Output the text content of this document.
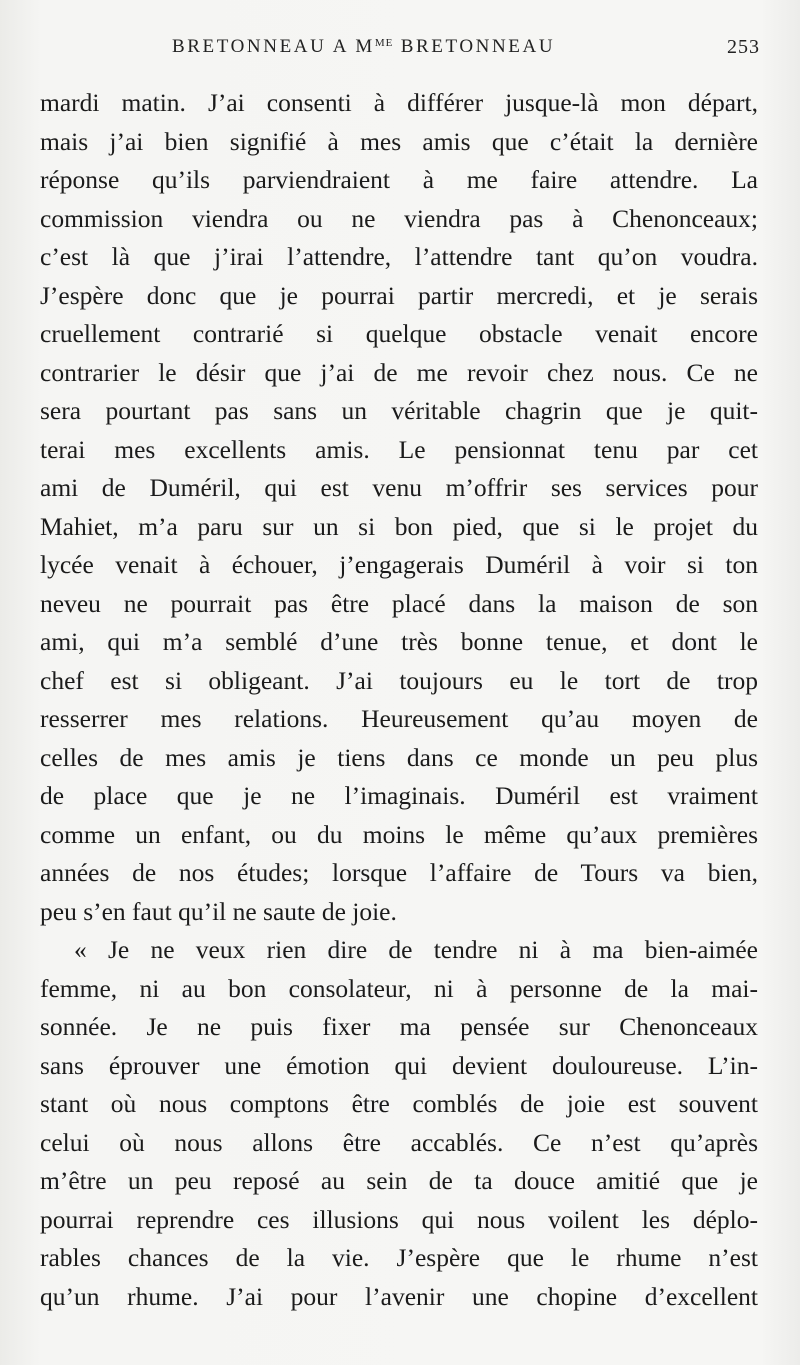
BRETONNEAU A $M^{ME}$ BRETONNEAU	253
mardi matin. J’ai consenti à différer jusque-là mon départ,
mais j’ai bien signifié à mes amis que c’était la dernière
réponse qu’ils parviendraient à me faire attendre. La
commission viendra ou ne viendra pas à Chenonceaux;
c’est là que j’irai l’attendre, l’attendre tant qu’on voudra.
J’espère donc que je pourrai partir mercredi, et je serais
cruellement contrarié si quelque obstacle venait encore
contrarier le désir que j’ai de me revoir chez nous. Ce ne
sera pourtant pas sans un véritable chagrin que je quit-
terai mes excellents amis. Le pensionnat tenu par cet
ami de Duméril, qui est venu m’offrir ses services pour
Mahiet, m’a paru sur un si bon pied, que si le projet du
lycée venait à échouer, j’engagerais Duméril à voir si ton
neveu ne pourrait pas être placé dans la maison de son
ami, qui m’a semblé d’une très bonne tenue, et dont le
chef est si obligeant. J’ai toujours eu le tort de trop
resserrer mes relations. Heureusement qu’au moyen de
celles de mes amis je tiens dans ce monde un peu plus
de place que je ne l’imaginais. Duméril est vraiment
comme un enfant, ou du moins le même qu’aux premières
années de nos études; lorsque l’affaire de Tours va bien,
peu s’en faut qu’il ne saute de joie.
« Je ne veux rien dire de tendre ni à ma bien-aimée
femme, ni au bon consolateur, ni à personne de la mai-
sonnée. Je ne puis fixer ma pensée sur Chenonceaux
sans éprouver une émotion qui devient douloureuse. L’in-
stant où nous comptons être comblés de joie est souvent
celui où nous allons être accablés. Ce n’est qu’après
m’être un peu reposé au sein de ta douce amitié que je
pourrai reprendre ces illusions qui nous voilent les déplo-
rables chances de la vie. J’espère que le rhume n’est
qu’un rhume. J’ai pour l’avenir une chopine d’excellent
